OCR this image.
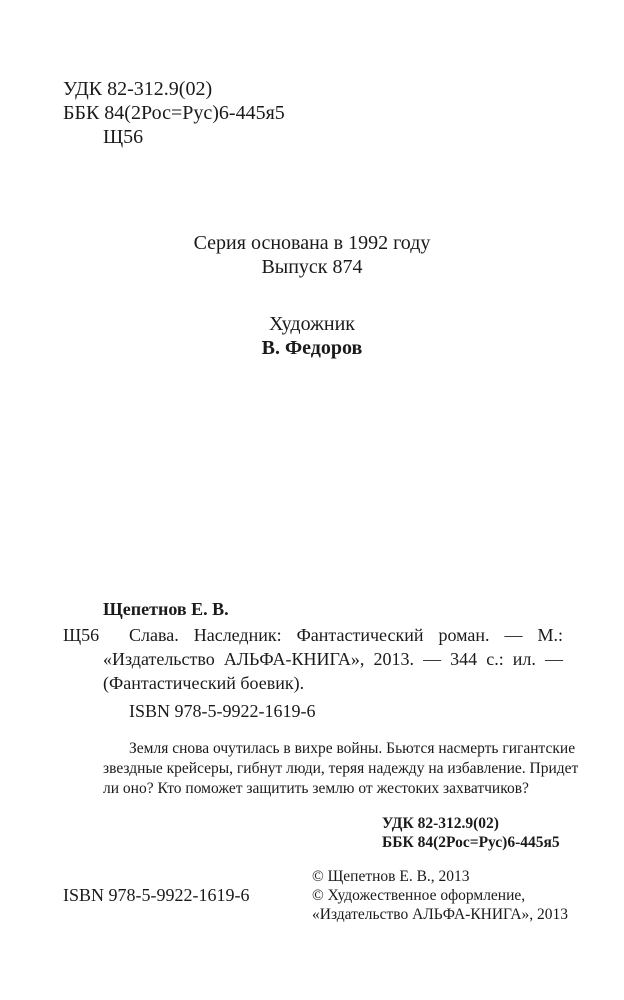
УДК 82-312.9(02)
ББК 84(2Рос=Рус)6-445я5
Щ56
Серия основана в 1992 году
Выпуск 874
Художник
В. Федоров
Щепетнов Е. В.
Щ56 Слава. Наследник: Фантастический роман. — М.:
«Издательство АЛЬФА-КНИГА», 2013. — 344 с.: ил. —
(Фантастический боевик).
ISBN 978-5-9922-1619-6
Земля снова очутилась в вихре войны. Бьются насмерть гигантские
звездные крейсеры, гибнут люди, теряя надежду на избавление. Придет
ли оно? Кто поможет защитить землю от жестоких захватчиков?
УДК 82-312.9(02)
ББК 84(2Рос=Рус)6-445я5
© Щепетнов Е. В., 2013
© Художественное оформление,
«Издательство АЛЬФА-КНИГА», 2013
ISBN 978-5-9922-1619-6
